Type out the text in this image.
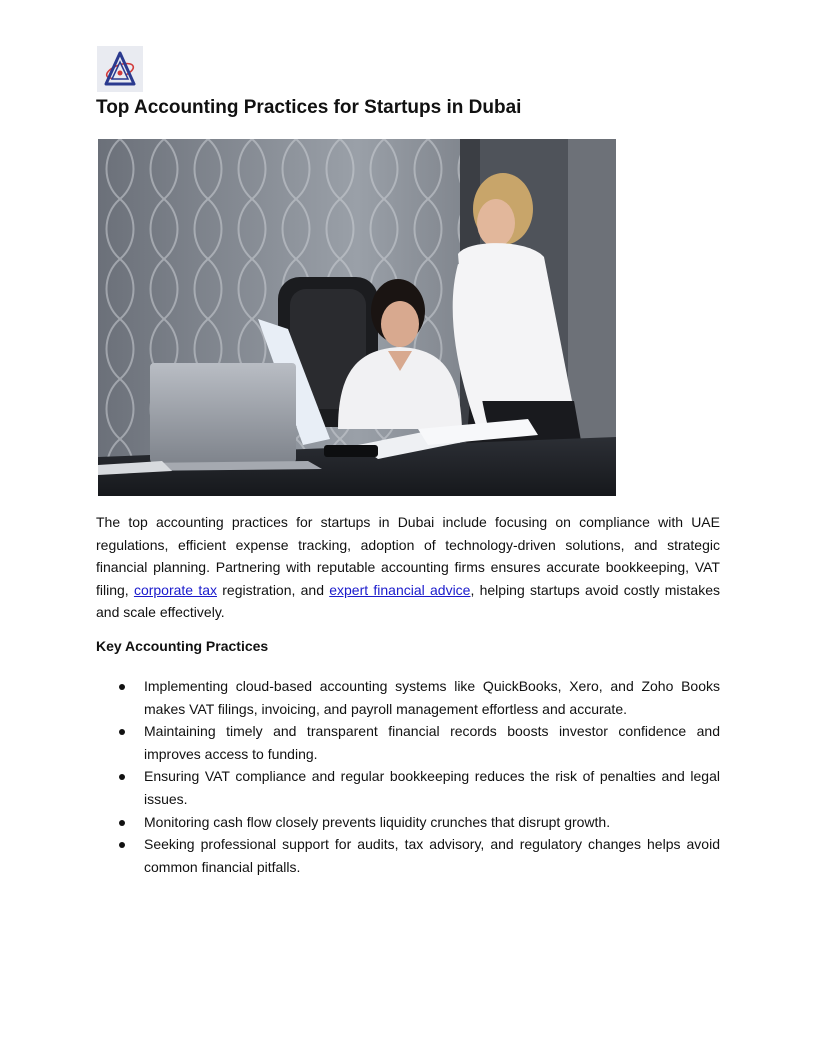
Top Accounting Practices for Startups in Dubai

The top accounting practices for startups in Dubai include focusing on compliance with UAE regulations, efficient expense tracking, adoption of technology-driven solutions, and strategic financial planning. Partnering with reputable accounting firms ensures accurate bookkeeping, VAT filing, corporate tax registration, and expert financial advice, helping startups avoid costly mistakes and scale effectively.

Key Accounting Practices
Implementing cloud-based accounting systems like QuickBooks, Xero, and Zoho Books makes VAT filings, invoicing, and payroll management effortless and accurate.
Maintaining timely and transparent financial records boosts investor confidence and improves access to funding.
Ensuring VAT compliance and regular bookkeeping reduces the risk of penalties and legal issues.
Monitoring cash flow closely prevents liquidity crunches that disrupt growth.
Seeking professional support for audits, tax advisory, and regulatory changes helps avoid common financial pitfalls.
